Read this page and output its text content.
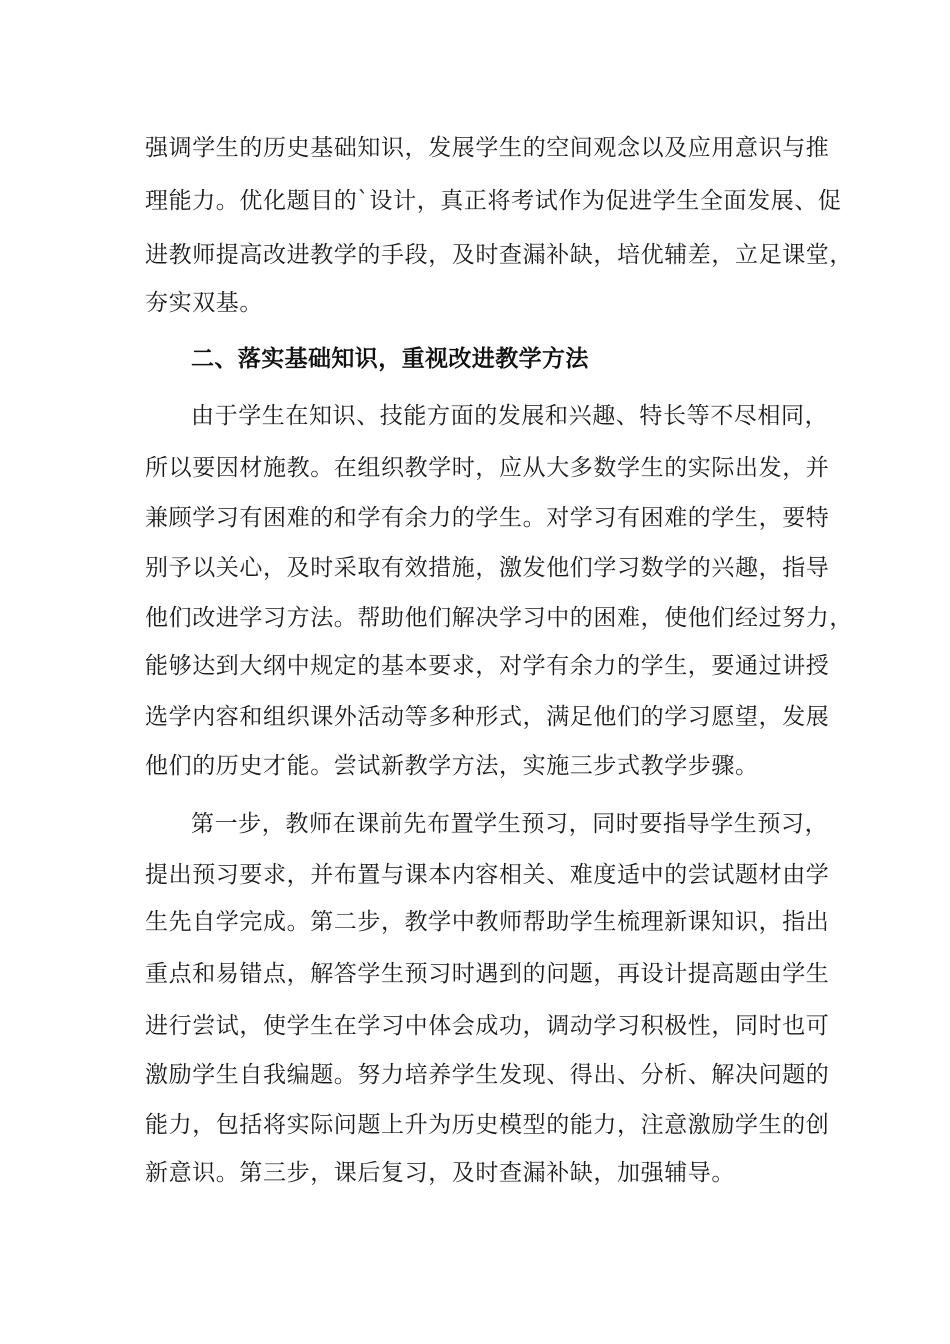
强调学生的历史基础知识，发展学生的空间观念以及应用意识与推
理能力。优化题目的`设计，真正将考试作为促进学生全面发展、促
进教师提高改进教学的手段，及时查漏补缺，培优辅差，立足课堂，
夯实双基。
二、落实基础知识，重视改进教学方法
由于学生在知识、技能方面的发展和兴趣、特长等不尽相同，
所以要因材施教。在组织教学时，应从大多数学生的实际出发，并
兼顾学习有困难的和学有余力的学生。对学习有困难的学生，要特
别予以关心，及时采取有效措施，激发他们学习数学的兴趣，指导
他们改进学习方法。帮助他们解决学习中的困难，使他们经过努力，
能够达到大纲中规定的基本要求，对学有余力的学生，要通过讲授
选学内容和组织课外活动等多种形式，满足他们的学习愿望，发展
他们的历史才能。尝试新教学方法，实施三步式教学步骤。
第一步，教师在课前先布置学生预习，同时要指导学生预习，
提出预习要求，并布置与课本内容相关、难度适中的尝试题材由学
生先自学完成。第二步，教学中教师帮助学生梳理新课知识，指出
重点和易错点，解答学生预习时遇到的问题，再设计提高题由学生
进行尝试，使学生在学习中体会成功，调动学习积极性，同时也可
激励学生自我编题。努力培养学生发现、得出、分析、解决问题的
能力，包括将实际问题上升为历史模型的能力，注意激励学生的创
新意识。第三步，课后复习，及时查漏补缺，加强辅导。
